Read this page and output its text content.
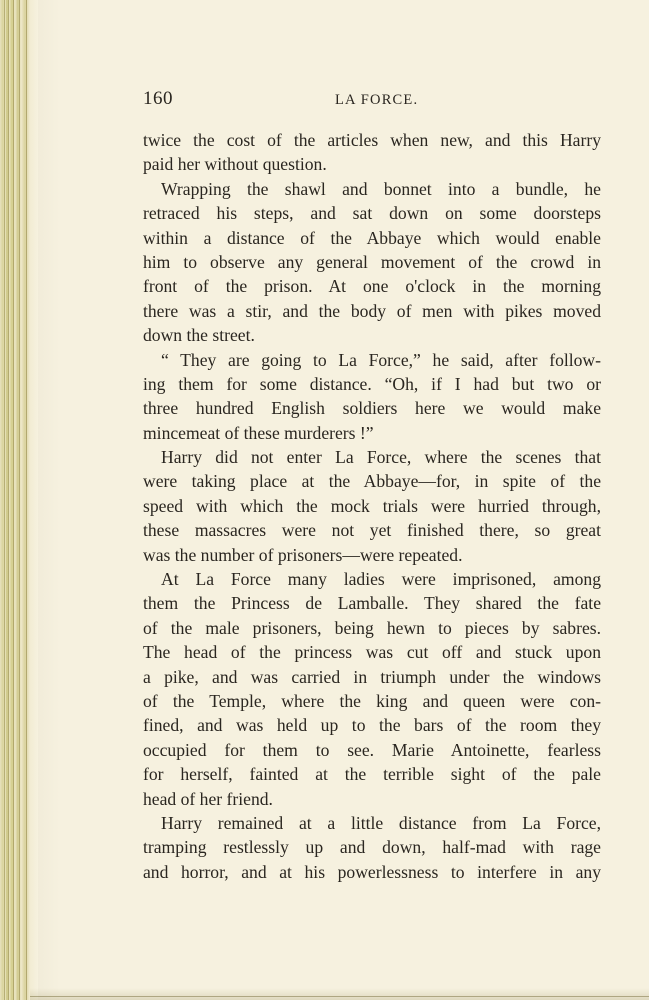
160	LA FORCE.
twice the cost of the articles when new, and this Harry
paid her without question.
Wrapping the shawl and bonnet into a bundle, he
retraced his steps, and sat down on some doorsteps
within a distance of the Abbaye which would enable
him to observe any general movement of the crowd in
front of the prison. At one o'clock in the morning
there was a stir, and the body of men with pikes moved
down the street.
“ They are going to La Force,” he said, after follow-
ing them for some distance. “Oh, if I had but two or
three hundred English soldiers here we would make
mincemeat of these murderers !”
Harry did not enter La Force, where the scenes that
were taking place at the Abbaye—for, in spite of the
speed with which the mock trials were hurried through,
these massacres were not yet finished there, so great
was the number of prisoners—were repeated.
At La Force many ladies were imprisoned, among
them the Princess de Lamballe. They shared the fate
of the male prisoners, being hewn to pieces by sabres.
The head of the princess was cut off and stuck upon
a pike, and was carried in triumph under the windows
of the Temple, where the king and queen were con-
fined, and was held up to the bars of the room they
occupied for them to see. Marie Antoinette, fearless
for herself, fainted at the terrible sight of the pale
head of her friend.
Harry remained at a little distance from La Force,
tramping restlessly up and down, half-mad with rage
and horror, and at his powerlessness to interfere in any
